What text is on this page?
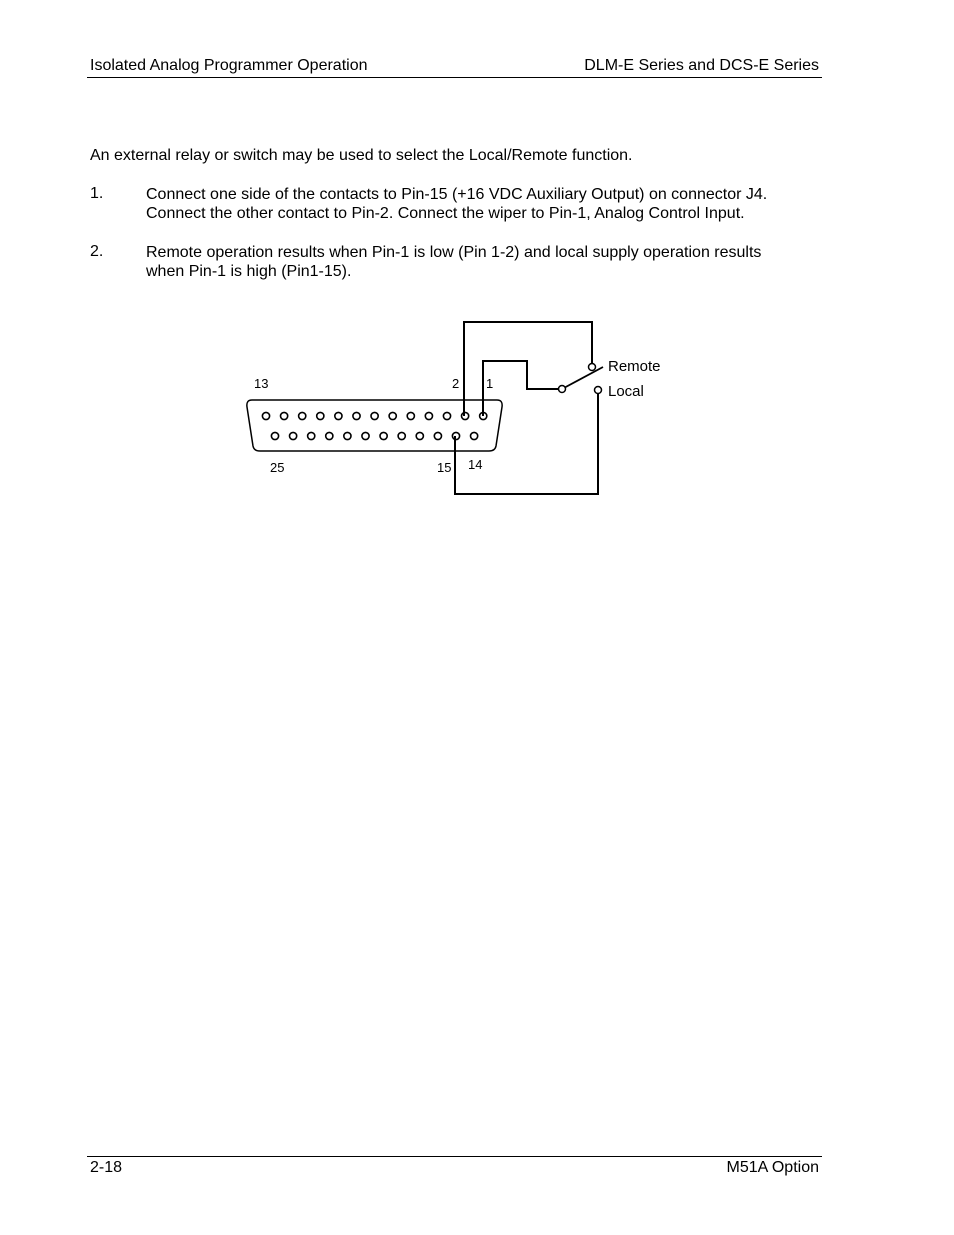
Isolated Analog Programmer Operation	DLM-E Series and DCS-E Series
An external relay or switch may be used to select the Local/Remote function.
1.	Connect one side of the contacts to Pin-15 (+16 VDC Auxiliary Output) on connector J4.
Connect the other contact to Pin-2. Connect the wiper to Pin-1, Analog Control Input.
2.	Remote operation results when Pin-1 is low (Pin 1-2) and local supply operation results
when Pin-1 is high (Pin1-15).
13	2 1
25	15 14
Remote
Local
2-18	M51A Option
